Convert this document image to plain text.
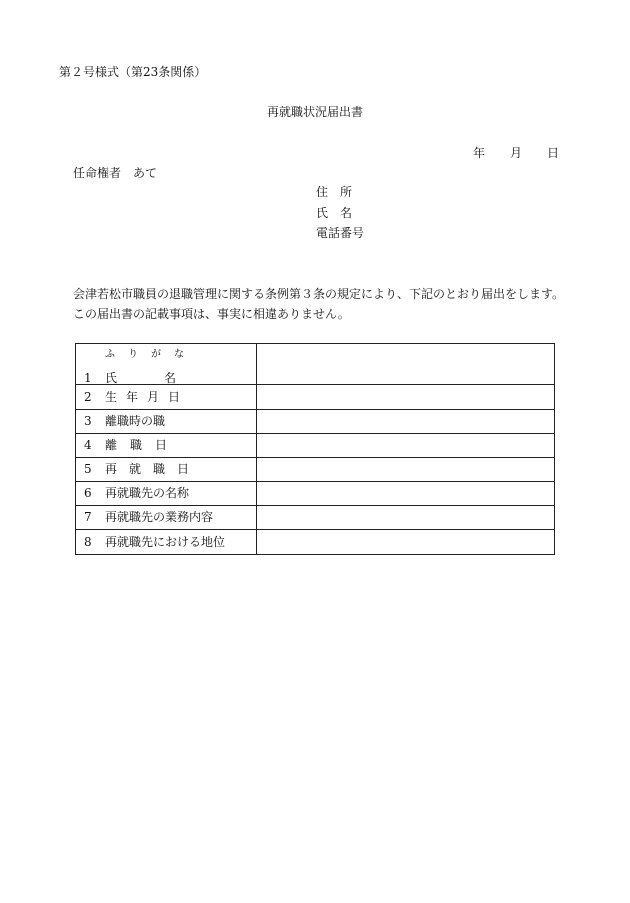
第２号様式（第23条関係）
再就職状況届出書
年 月 日
任命権者　あて
住　所
氏　名
電話番号
会津若松市職員の退職管理に関する条例第３条の規定により、下記のとおり届出をします。
この届出書の記載事項は、事実に相違ありません。
ふりがな
1 氏名
2 生年月日
3 離職時の職
4 離職日
5 再就職日
6 再就職先の名称
7 再就職先の業務内容
8 再就職先における地位
